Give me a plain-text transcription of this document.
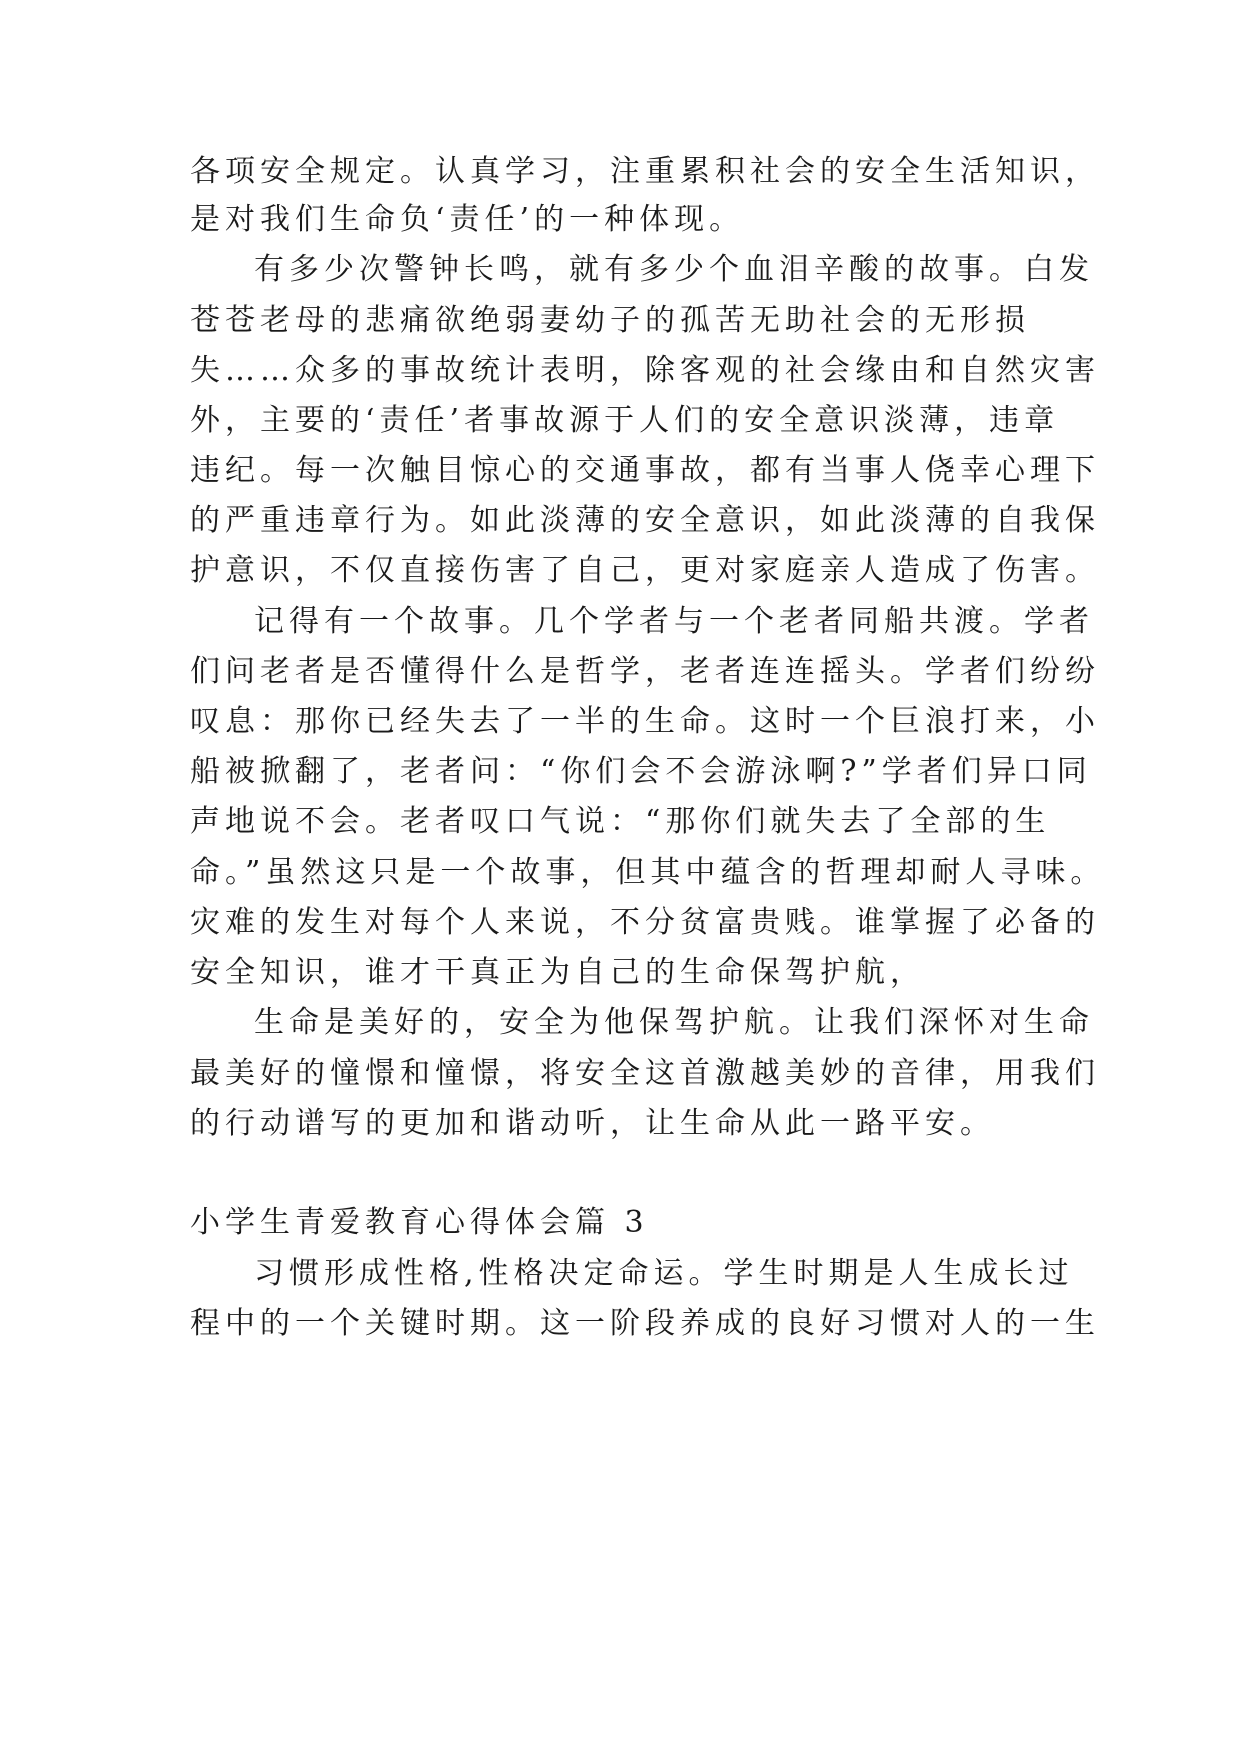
各项安全规定。认真学习，注重累积社会的安全生活知识，
是对我们生命负‘责任’的一种体现。
有多少次警钟长鸣，就有多少个血泪辛酸的故事。白发
苍苍老母的悲痛欲绝弱妻幼子的孤苦无助社会的无形损
失……众多的事故统计表明，除客观的社会缘由和自然灾害
外，主要的‘责任’者事故源于人们的安全意识淡薄，违章
违纪。每一次触目惊心的交通事故，都有当事人侥幸心理下
的严重违章行为。如此淡薄的安全意识，如此淡薄的自我保
护意识，不仅直接伤害了自己，更对家庭亲人造成了伤害。
记得有一个故事。几个学者与一个老者同船共渡。学者
们问老者是否懂得什么是哲学，老者连连摇头。学者们纷纷
叹息：那你已经失去了一半的生命。这时一个巨浪打来，小
船被掀翻了，老者问：“你们会不会游泳啊?”学者们异口同
声地说不会。老者叹口气说：“那你们就失去了全部的生
命。”虽然这只是一个故事，但其中蕴含的哲理却耐人寻味。
灾难的发生对每个人来说，不分贫富贵贱。谁掌握了必备的
安全知识，谁才干真正为自己的生命保驾护航，
生命是美好的，安全为他保驾护航。让我们深怀对生命
最美好的憧憬和憧憬，将安全这首激越美妙的音律，用我们
的行动谱写的更加和谐动听，让生命从此一路平安。
小学生青爱教育心得体会篇 3
习惯形成性格,性格决定命运。学生时期是人生成长过
程中的一个关键时期。这一阶段养成的良好习惯对人的一生
